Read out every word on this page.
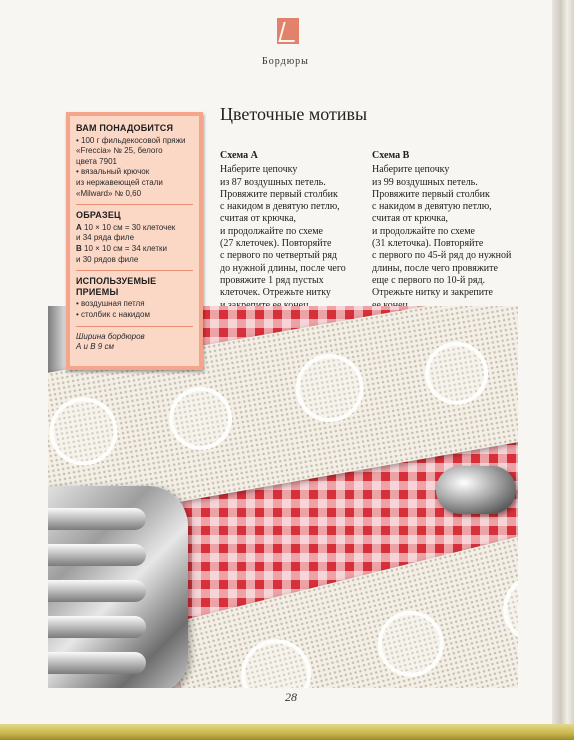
Бордюры
Цветочные мотивы
Схема А
Наберите цепочку
из 87 воздушных петель.
Провяжите первый столбик
с накидом в девятую петлю,
считая от крючка,
и продолжайте по схеме
(27 клеточек). Повторяйте
с первого по четвертый ряд
до нужной длины, после чего
провяжите 1 ряд пустых
клеточек. Отрежьте нитку
Схема В
Наберите цепочку
из 99 воздушных петель.
Провяжите первый столбик
с накидом в девятую петлю,
считая от крючка,
и продолжайте по схеме
(31 клеточка). Повторяйте
с первого по 45-й ряд до нужной
длины, после чего провяжите
еще с первого по 10-й ряд.
Отрежьте нитку и закрепите
ВАМ ПОНАДОБИТСЯ
• 100 г фильдекосовой пряжи
«Freccia» № 25, белого
цвета 7901
• вязальный крючок
из нержавеющей стали
«Milward» № 0,60
ОБРАЗЕЦ
А 10 × 10 см = 30 клеточек
и 34 ряда филе
В 10 × 10 см = 34 клетки
и 30 рядов филе
ИСПОЛЬЗУЕМЫЕ ПРИЕМЫ
• воздушная петля
• столбик с накидом
Ширина бордюров
А и В 9 см
28
